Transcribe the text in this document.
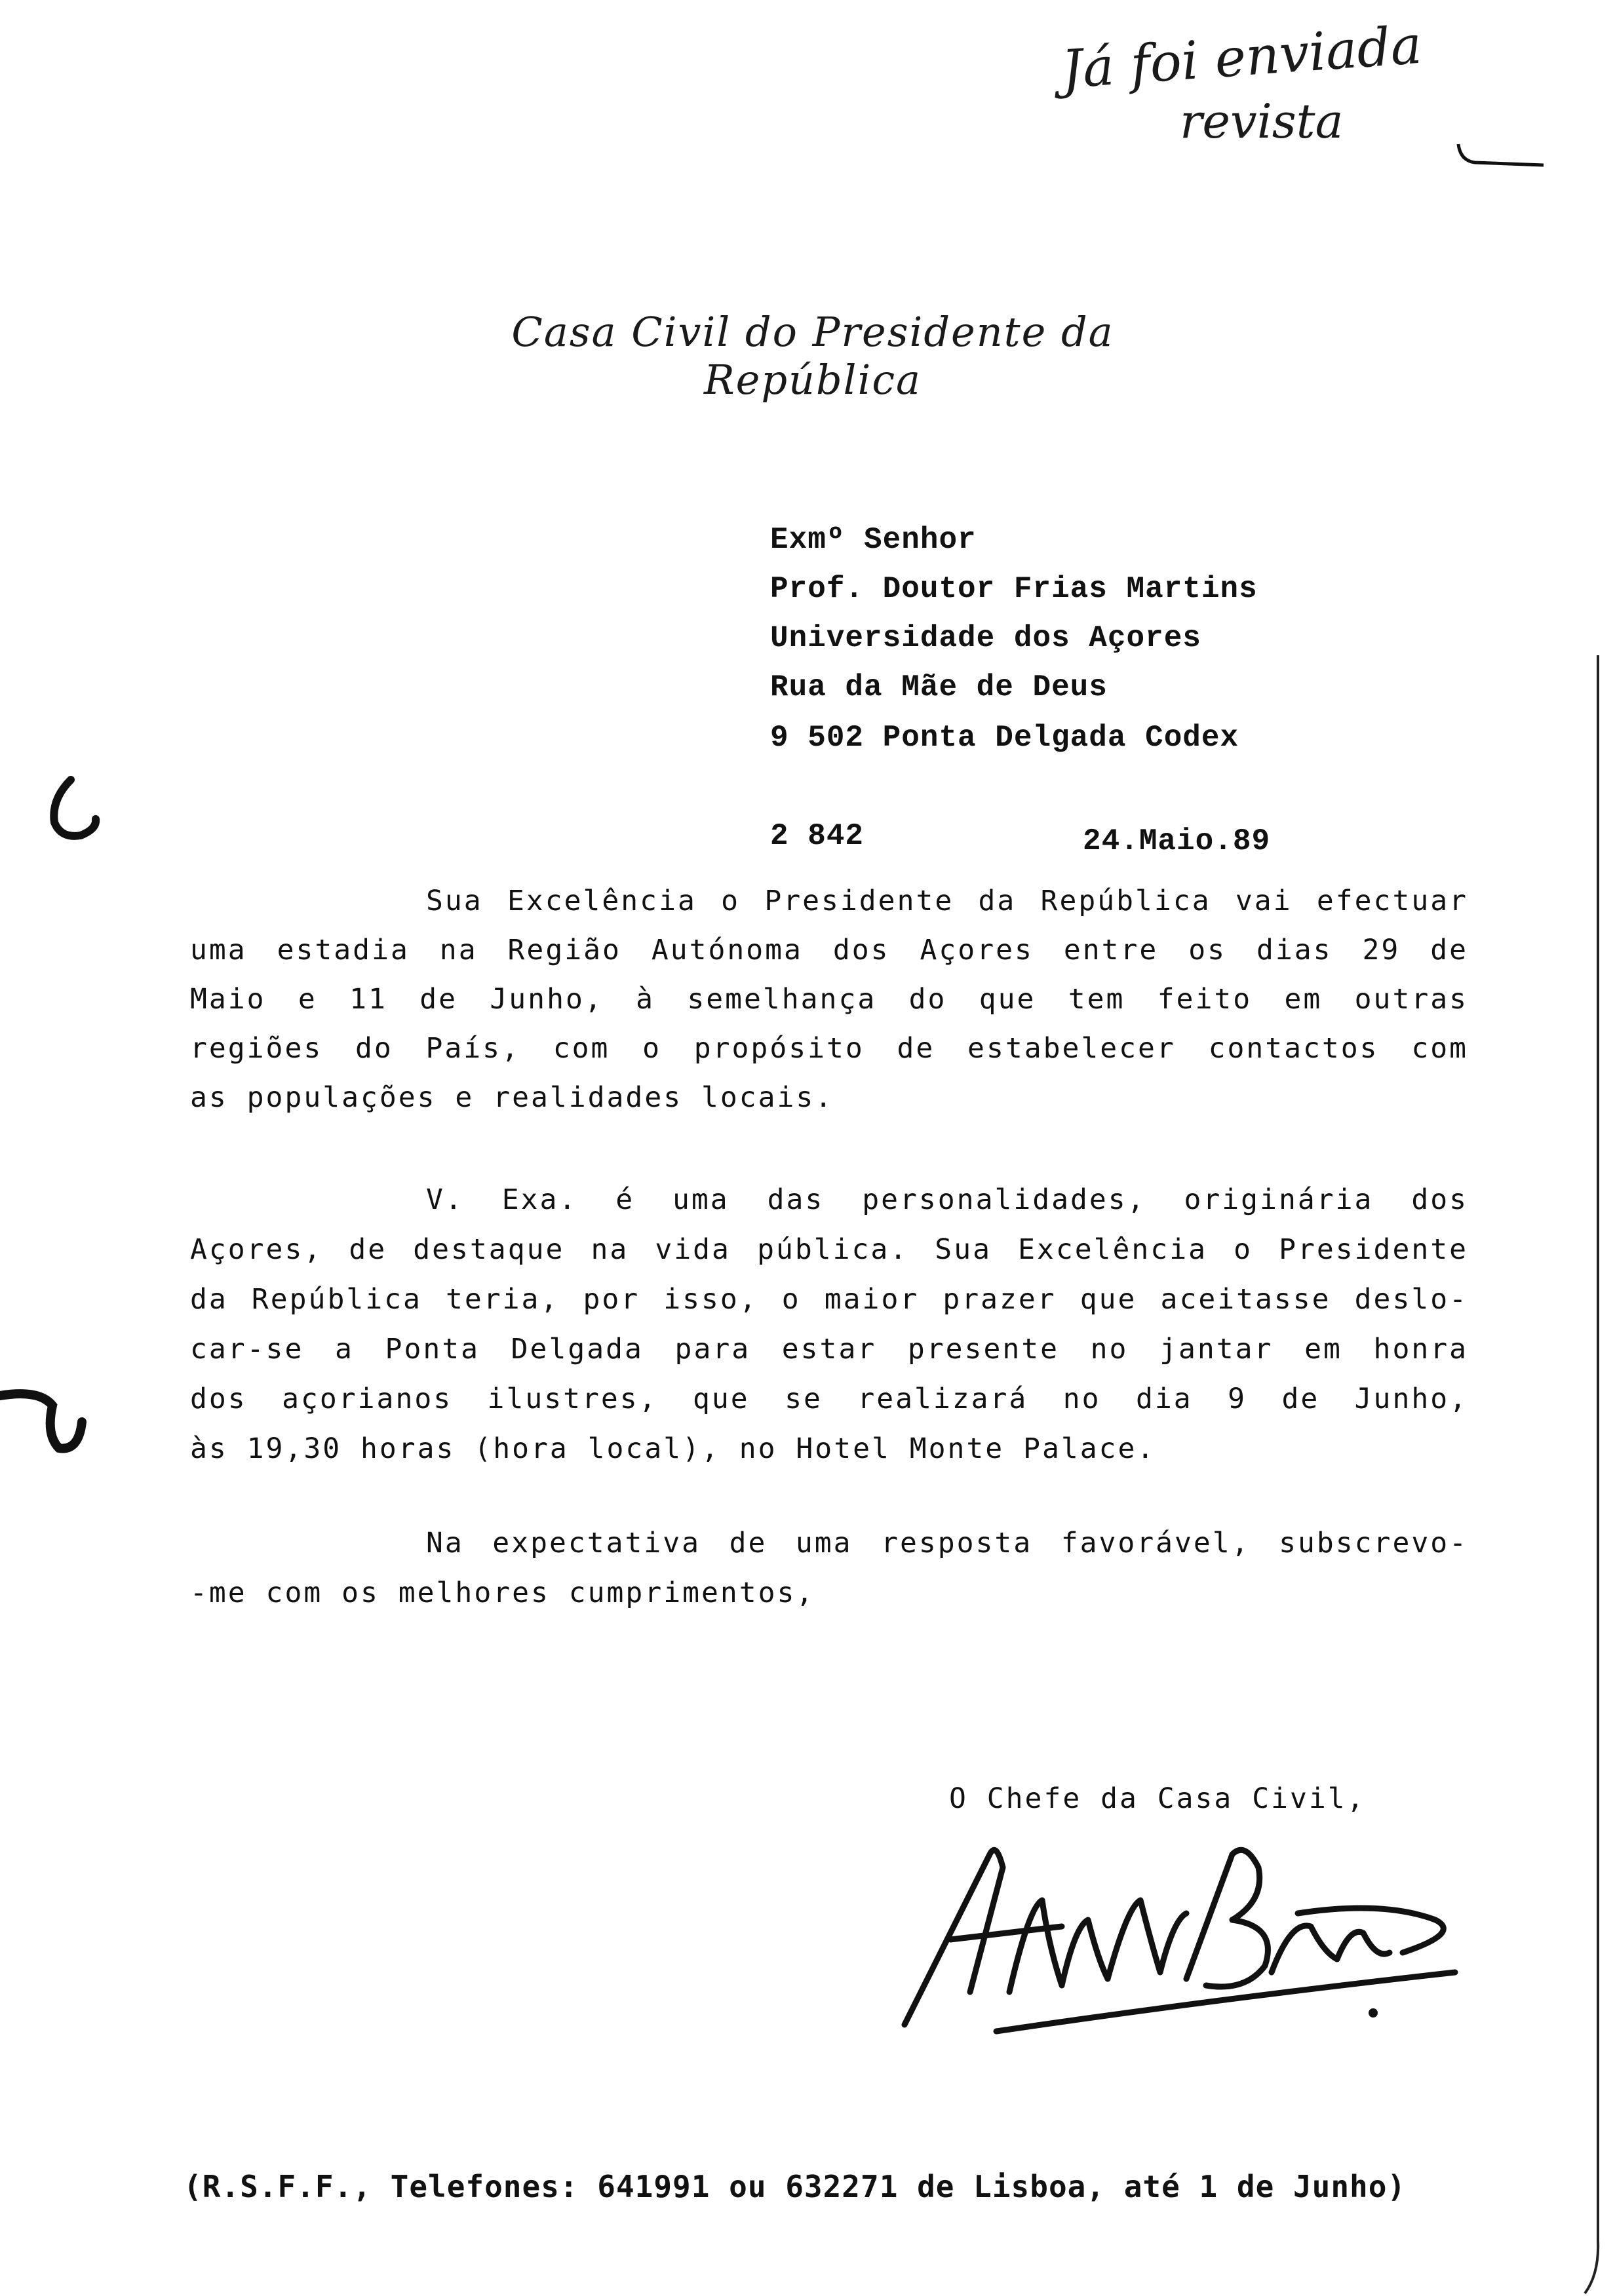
Já foi enviada
revista
Casa Civil do Presidente da República
Exmº Senhor
Prof. Doutor Frias Martins
Universidade dos Açores
Rua da Mãe de Deus
9 502 Ponta Delgada Codex
2 842	24.Maio.89
Sua Excelência o Presidente da República vai efectuar
uma estadia na Região Autónoma dos Açores entre os dias 29 de
Maio e 11 de Junho, à semelhança do que tem feito em outras
regiões do País, com o propósito de estabelecer contactos com
as populações e realidades locais.
V. Exa. é uma das personalidades, originária dos
Açores, de destaque na vida pública. Sua Excelência o Presidente
da República teria, por isso, o maior prazer que aceitasse deslo-
car-se a Ponta Delgada para estar presente no jantar em honra
dos açorianos ilustres, que se realizará no dia 9 de Junho,
às 19,30 horas (hora local), no Hotel Monte Palace.
Na expectativa de uma resposta favorável, subscrevo-
-me com os melhores cumprimentos,
O Chefe da Casa Civil,
(R.S.F.F., Telefones: 641991 ou 632271 de Lisboa, até 1 de Junho)
